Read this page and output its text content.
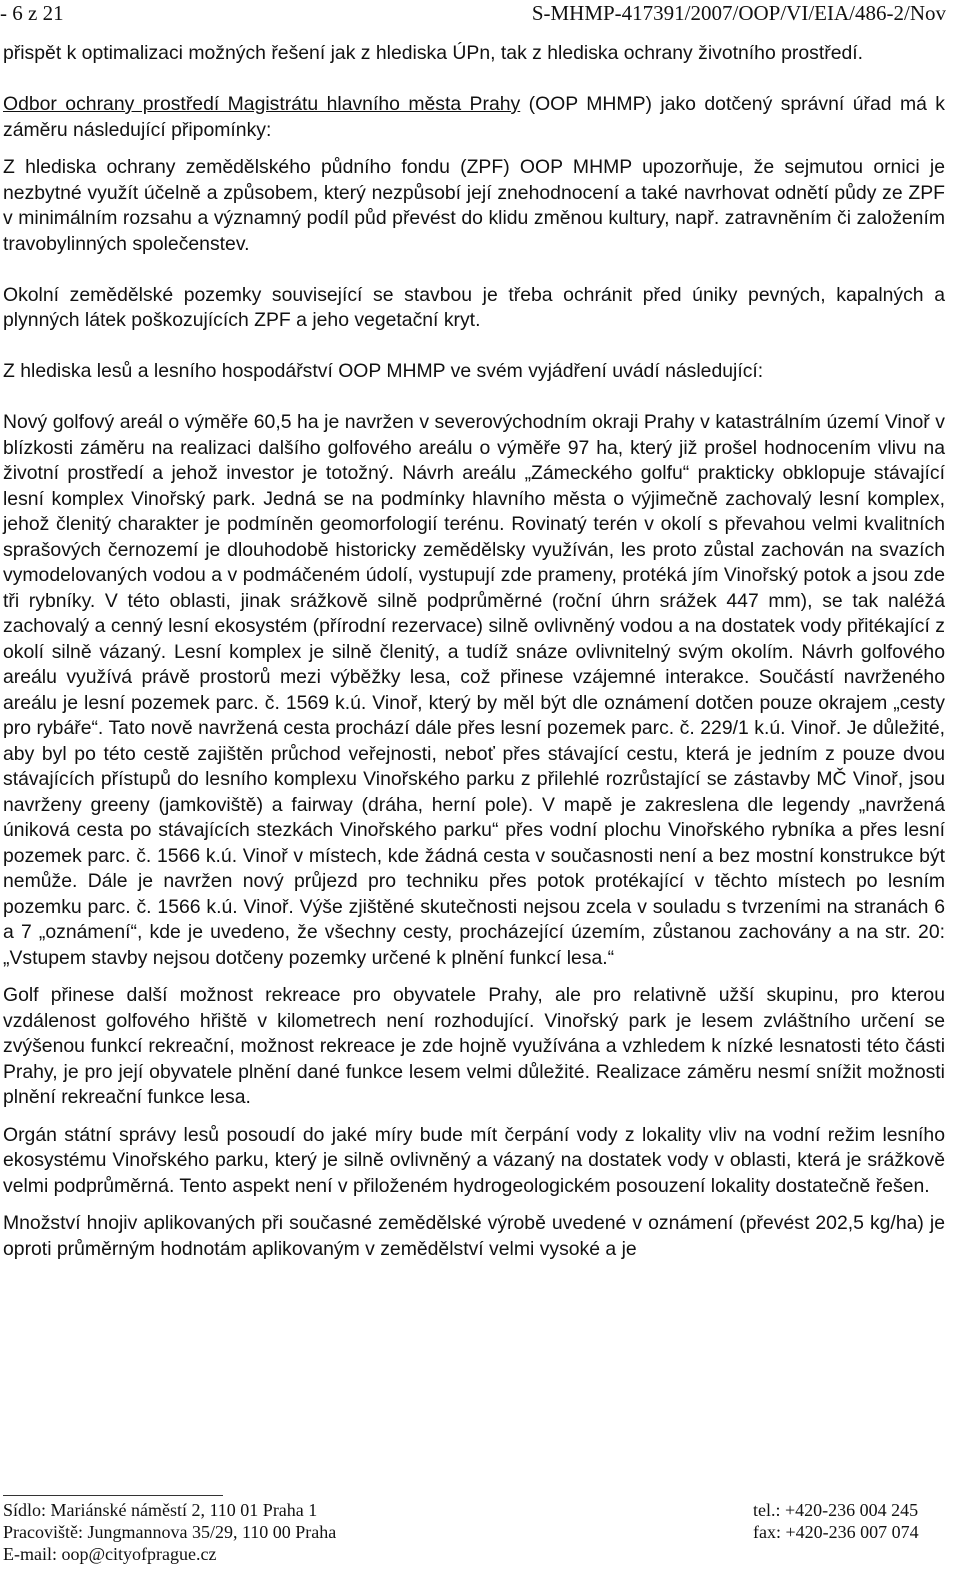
- 6 z 21	S-MHMP-417391/2007/OOP/VI/EIA/486-2/Nov

přispět k optimalizaci možných řešení jak z hlediska ÚPn, tak z hlediska ochrany životního prostředí.

Odbor ochrany prostředí Magistrátu hlavního města Prahy (OOP MHMP) jako dotčený správní úřad má k záměru následující připomínky:

Z hlediska ochrany zemědělského půdního fondu (ZPF) OOP MHMP upozorňuje, že sejmutou ornici je nezbytné využít účelně a způsobem, který nezpůsobí její znehodnocení a také navrhovat odnětí půdy ze ZPF v minimálním rozsahu a významný podíl půd převést do klidu změnou kultury, např. zatravněním či založením travobylinných společenstev.

Okolní zemědělské pozemky související se stavbou je třeba ochránit před úniky pevných, kapalných a plynných látek poškozujících ZPF a jeho vegetační kryt.

Z hlediska lesů a lesního hospodářství OOP MHMP ve svém vyjádření uvádí následující:

Nový golfový areál o výměře 60,5 ha je navržen v severovýchodním okraji Prahy v katastrálním území Vinoř v blízkosti záměru na realizaci dalšího golfového areálu o výměře 97 ha, který již prošel hodnocením vlivu na životní prostředí a jehož investor je totožný. Návrh areálu „Zámeckého golfu“ prakticky obklopuje stávající lesní komplex Vinořský park. Jedná se na podmínky hlavního města o výjimečně zachovalý lesní komplex, jehož členitý charakter je podmíněn geomorfologií terénu. Rovinatý terén v okolí s převahou velmi kvalitních sprašových černozemí je dlouhodobě historicky zemědělsky využíván, les proto zůstal zachován na svazích vymodelovaných vodou a v podmáčeném údolí, vystupují zde prameny, protéká jím Vinořský potok a jsou zde tři rybníky. V této oblasti, jinak srážkově silně podprůměrné (roční úhrn srážek 447 mm), se tak naléžá zachovalý a cenný lesní ekosystém (přírodní rezervace) silně ovlivněný vodou a na dostatek vody přitékající z okolí silně vázaný. Lesní komplex je silně členitý, a tudíž snáze ovlivnitelný svým okolím. Návrh golfového areálu využívá právě prostorů mezi výběžky lesa, což přinese vzájemné interakce. Součástí navrženého areálu je lesní pozemek parc. č. 1569 k.ú. Vinoř, který by měl být dle oznámení dotčen pouze okrajem „cesty pro rybáře“. Tato nově navržená cesta prochází dále přes lesní pozemek parc. č. 229/1 k.ú. Vinoř. Je důležité, aby byl po této cestě zajištěn průchod veřejnosti, neboť přes stávající cestu, která je jedním z pouze dvou stávajících přístupů do lesního komplexu Vinořského parku z přilehlé rozrůstající se zástavby MČ Vinoř, jsou navrženy greeny (jamkoviště) a fairway (dráha, herní pole). V mapě je zakreslena dle legendy „navržená úniková cesta po stávajících stezkách Vinořského parku“ přes vodní plochu Vinořského rybníka a přes lesní pozemek parc. č. 1566 k.ú. Vinoř v místech, kde žádná cesta v současnosti není a bez mostní konstrukce být nemůže. Dále je navržen nový průjezd pro techniku přes potok protékající v těchto místech po lesním pozemku parc. č. 1566 k.ú. Vinoř. Výše zjištěné skutečnosti nejsou zcela v souladu s tvrzeními na stranách 6 a 7 „oznámení“, kde je uvedeno, že všechny cesty, procházející územím, zůstanou zachovány a na str. 20: „Vstupem stavby nejsou dotčeny pozemky určené k plnění funkcí lesa.“

Golf přinese další možnost rekreace pro obyvatele Prahy, ale pro relativně užší skupinu, pro kterou vzdálenost golfového hřiště v kilometrech není rozhodující. Vinořský park je lesem zvláštního určení se zvýšenou funkcí rekreační, možnost rekreace je zde hojně využívána a vzhledem k nízké lesnatosti této části Prahy, je pro její obyvatele plnění dané funkce lesem velmi důležité. Realizace záměru nesmí snížit možnosti plnění rekreační funkce lesa.

Orgán státní správy lesů posoudí do jaké míry bude mít čerpání vody z lokality vliv na vodní režim lesního ekosystému Vinořského parku, který je silně ovlivněný a vázaný na dostatek vody v oblasti, která je srážkově velmi podprůměrná. Tento aspekt není v přiloženém hydrogeologickém posouzení lokality dostatečně řešen.

Množství hnojiv aplikovaných při současné zemědělské výrobě uvedené v oznámení (převést 202,5 kg/ha) je oproti průměrným hodnotám aplikovaným v zemědělství velmi vysoké a je

Sídlo: Mariánské náměstí 2, 110 01 Praha 1
Pracoviště: Jungmannova 35/29, 110 00 Praha
E-mail: oop@cityofprague.cz
tel.: +420-236 004 245
fax: +420-236 007 074
